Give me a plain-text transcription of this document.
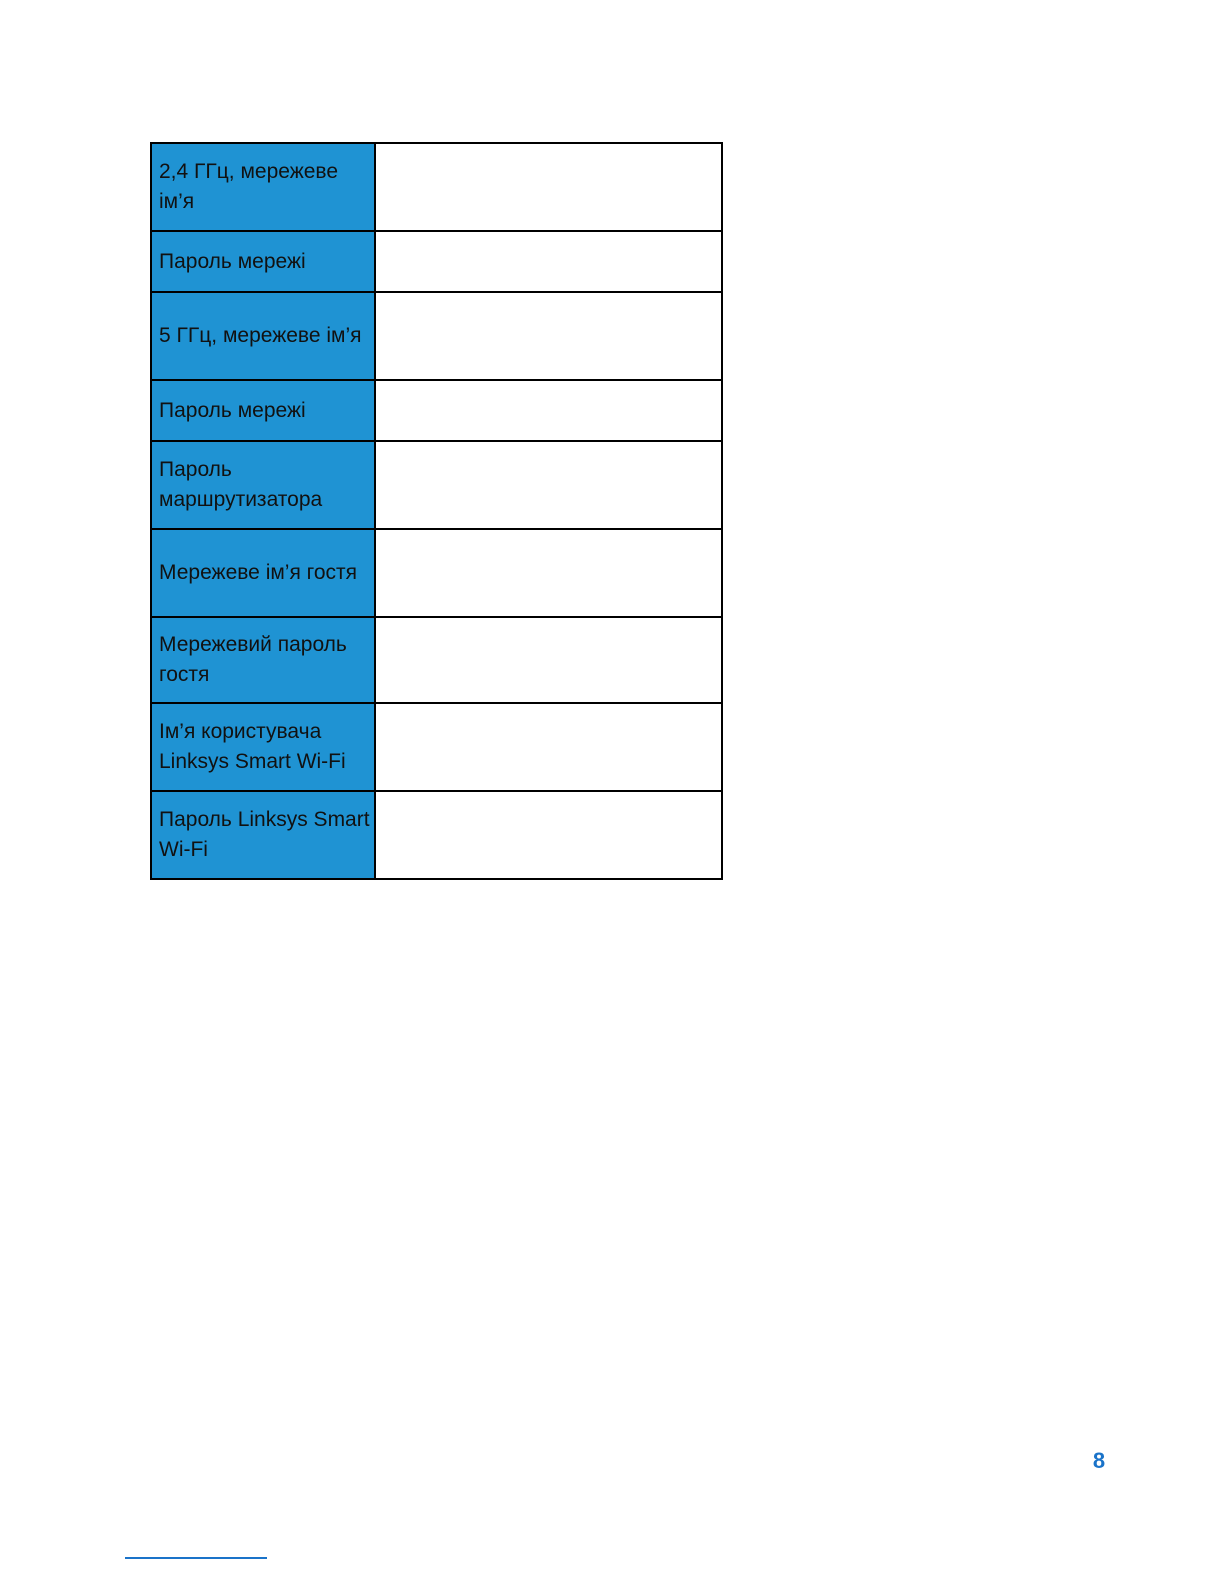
2,4 ГГц, мережеве ім’я	
Пароль мережі	
5 ГГц, мережеве ім’я	
Пароль мережі	
Пароль маршрутизатора	
Мережеве ім’я гостя	
Мережевий пароль гостя	
Ім’я користувача Linksys Smart Wi-Fi	
Пароль Linksys Smart Wi-Fi	
8
